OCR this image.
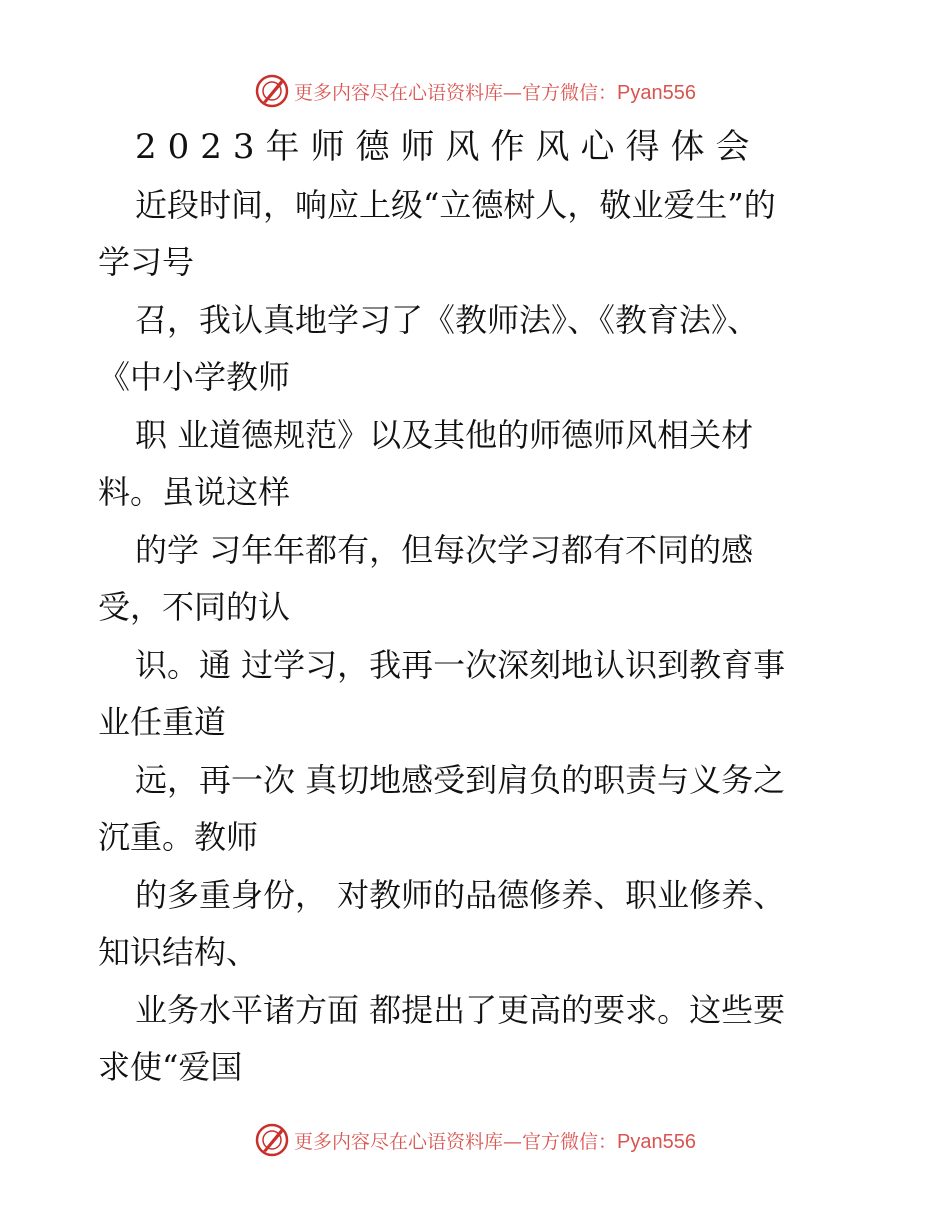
更多内容尽在心语资料库—官方微信：Pyan556
2023年师德师风作风心得体会
近段时间，响应上级“立德树人，敬业爱生”的
学习号
召，我认真地学习了《教师法》、《教育法》、
《中小学教师
职 业道德规范》以及其他的师德师风相关材
料。虽说这样
的学 习年年都有，但每次学习都有不同的感
受，不同的认
识。通 过学习，我再一次深刻地认识到教育事
业任重道
远，再一次 真切地感受到肩负的职责与义务之
沉重。教师
的多重身份， 对教师的品德修养、职业修养、
知识结构、
业务水平诸方面 都提出了更高的要求。这些要
求使“爱国
更多内容尽在心语资料库—官方微信：Pyan556
